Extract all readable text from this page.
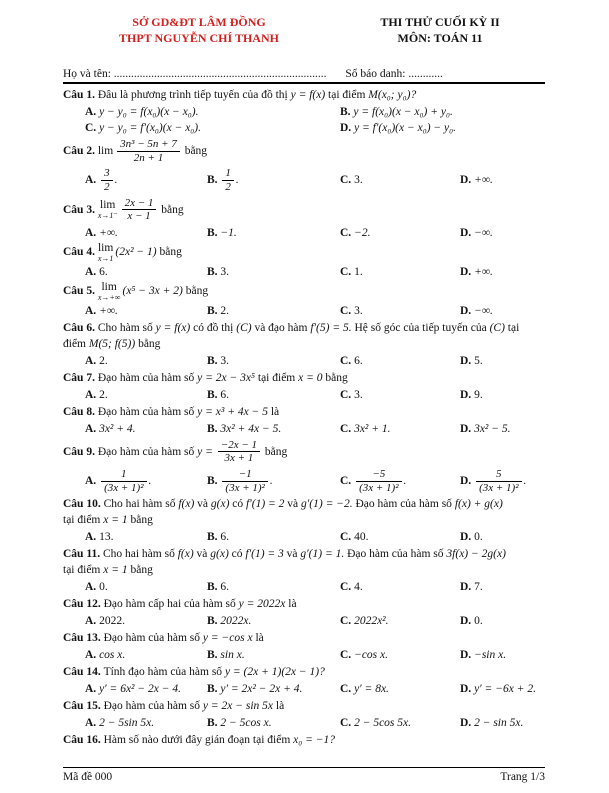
SỞ GD&ĐT LÂM ĐỒNG
THPT NGUYỄN CHÍ THANH
THI THỬ CUỐI KỲ II
MÔN: TOÁN 11
Họ và tên: .......................................................................... Số báo danh: ............
Câu 1. Đâu là phương trình tiếp tuyến của đồ thị y = f(x) tại điểm M(x₀; y₀)?
A. y − y₀ = f(x₀)(x − x₀).	B. y = f(x₀)(x − x₀) + y₀.
C. y − y₀ = f′(x₀)(x − x₀).	D. y = f′(x₀)(x − x₀) − y₀.
Câu 2. $\lim \frac{\text{3n³ − 5n + 7}}{2n + 1}$ bằng
A. $\frac{3}{2}$ .	B. $\frac{1}{2}$ .	C. 3.	D. +∞.
Câu 3. lim
$x\to 1^- \frac{2x - 1}{x - 1}$ bằng
A. +∞.	B. −1.	C. −2.	D. −∞.
Câu 4. lim
x→1
(2x² − 1) bằng
A. 6.	B. 3.	C. 1.	D. +∞.
Câu 5. lim
x→+∞
(x⁵ − 3x + 2) bằng
A. +∞.	B. 2.	C. 3.	D. −∞.
Câu 6. Cho hàm số y = f(x) có đồ thị (C) và đạo hàm f′(5) = 5. Hệ số góc của tiếp tuyến của (C) tại
điểm M(5; f(5)) bằng
A. 2.	B. 3.	C. 6.	D. 5.
Câu 7. Đạo hàm của hàm số y = 2x − 3x⁵ tại điểm x = 0 bằng
A. 2.	B. 6.	C. 3.	D. 9.
Câu 8. Đạo hàm của hàm số y = x³ + 4x − 5 là
A. 3x² + 4.	B. 3x² + 4x − 5.	C. 3x² + 1.	D. 3x² − 5.
Câu 9. Đạo hàm của hàm số $y = \frac{-2x - 1}{3x + 1}$ bằng
A. $\frac{1}{\text{(3x + 1)²}}$ .	B. $\frac{-1}{\text{(3x + 1)²}}$ .	C. $\frac{-5}{\text{(3x + 1)²}}$ .	D. $\frac{5}{\text{(3x + 1)²}}$ .
Câu 10. Cho hai hàm số f(x) và g(x) có f′(1) = 2 và g′(1) = −2. Đạo hàm của hàm số f(x) + g(x)
tại điểm x = 1 bằng
A. 13.	B. 6.	C. 40.	D. 0.
Câu 11. Cho hai hàm số f(x) và g(x) có f′(1) = 3 và g′(1) = 1. Đạo hàm của hàm số 3f(x) − 2g(x)
tại điểm x = 1 bằng
A. 0.	B. 6.	C. 4.	D. 7.
Câu 12. Đạo hàm cấp hai của hàm số y = 2022x là
A. 2022.	B. 2022x.	C. 2022x².	D. 0.
Câu 13. Đạo hàm của hàm số y = −cos x là
A. cos x.	B. sin x.	C. −cos x.	D. −sin x.
Câu 14. Tính đạo hàm của hàm số y = (2x + 1)(2x − 1)?
A. y′ = 6x² − 2x − 4.	B. y′ = 2x² − 2x + 4.	C. y′ = 8x.	D. y′ = −6x + 2.
Câu 15. Đạo hàm của hàm số y = 2x − sin 5x là
A. 2 − 5sin 5x.	B. 2 − 5cos x.	C. 2 − 5cos 5x.	D. 2 − sin 5x.
Câu 16. Hàm số nào dưới đây gián đoạn tại điểm x₀ = −1?
Mã đề 000	Trang 1/3
